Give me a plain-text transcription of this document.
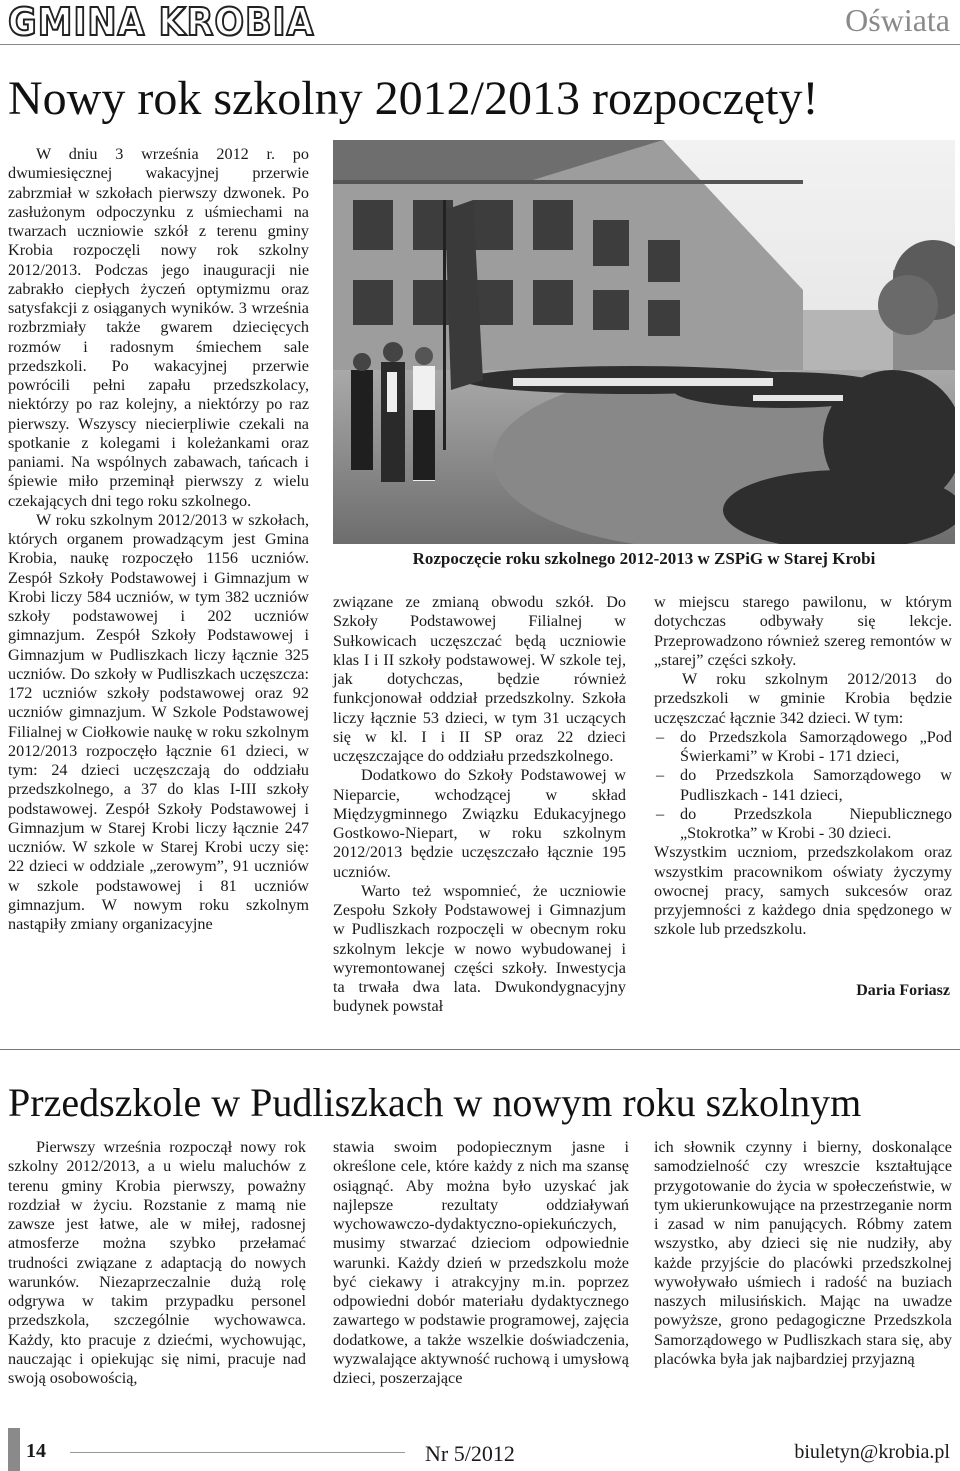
GMINA KROBIA	Oświata
Nowy rok szkolny 2012/2013 rozpoczęty!

W dniu 3 września 2012 r. po dwumiesięcznej wakacyjnej przerwie zabrzmiał w szkołach pierwszy dzwonek. Po zasłużonym odpoczynku z uśmiechami na twarzach uczniowie szkół z terenu gminy Krobia rozpoczęli nowy rok szkolny 2012/2013. Podczas jego inauguracji nie zabrakło ciepłych życzeń optymizmu oraz satysfakcji z osiąganych wyników. 3 września rozbrzmiały także gwarem dziecięcych rozmów i radosnym śmiechem sale przedszkoli. Po wakacyjnej przerwie powrócili pełni zapału przedszkolacy, niektórzy po raz kolejny, a niektórzy po raz pierwszy. Wszyscy niecierpliwie czekali na spotkanie z kolegami i koleżankami oraz paniami. Na wspólnych zabawach, tańcach i śpiewie miło przeminął pierwszy z wielu czekających dni tego roku szkolnego.

W roku szkolnym 2012/2013 w szkołach, których organem prowadzącym jest Gmina Krobia, naukę rozpoczęło 1156 uczniów. Zespół Szkoły Podstawowej i Gimnazjum w Krobi liczy 584 uczniów, w tym 382 uczniów szkoły podstawowej i 202 uczniów gimnazjum. Zespół Szkoły Podstawowej i Gimnazjum w Pudliszkach liczy łącznie 325 uczniów. Do szkoły w Pudliszkach uczęszcza: 172 uczniów szkoły podstawowej oraz 92 uczniów gimnazjum. W Szkole Podstawowej Filialnej w Ciołkowie naukę w roku szkolnym 2012/2013 rozpoczęło łącznie 61 dzieci, w tym: 24 dzieci uczęszczają do oddziału przedszkolnego, a 37 do klas I-III szkoły podstawowej. Zespół Szkoły Podstawowej i Gimnazjum w Starej Krobi liczy łącznie 247 uczniów. W szkole w Starej Krobi uczy się: 22 dzieci w oddziale „zerowym”, 91 uczniów w szkole podstawowej i 81 uczniów gimnazjum. W nowym roku szkolnym nastąpiły zmiany organizacyjne

Rozpoczęcie roku szkolnego 2012-2013 w ZSPiG w Starej Krobi

związane ze zmianą obwodu szkół. Do Szkoły Podstawowej Filialnej w Sułkowicach uczęszczać będą uczniowie klas I i II szkoły podstawowej. W szkole tej, jak dotychczas, będzie również funkcjonował oddział przedszkolny. Szkoła liczy łącznie 53 dzieci, w tym 31 uczących się w kl. I i II SP oraz 22 dzieci uczęszczające do oddziału przedszkolnego.

Dodatkowo do Szkoły Podstawowej w Nieparcie, wchodzącej w skład Międzygminnego Związku Edukacyjnego Gostkowo-Niepart, w roku szkolnym 2012/2013 będzie uczęszczało łącznie 195 uczniów.

Warto też wspomnieć, że uczniowie Zespołu Szkoły Podstawowej i Gimnazjum w Pudliszkach rozpoczęli w obecnym roku szkolnym lekcje w nowo wybudowanej i wyremontowanej części szkoły. Inwestycja ta trwała dwa lata. Dwukondygnacyjny budynek powstał

w miejscu starego pawilonu, w którym dotychczas odbywały się lekcje. Przeprowadzono również szereg remontów w „starej” części szkoły.

W roku szkolnym 2012/2013 do przedszkoli w gminie Krobia będzie uczęszczać łącznie 342 dzieci. W tym:

– do Przedszkola Samorządowego „Pod Świerkami” w Krobi - 171 dzieci,
– do Przedszkola Samorządowego w Pudliszkach - 141 dzieci,
– do Przedszkola Niepublicznego „Stokrotka” w Krobi - 30 dzieci.

Wszystkim uczniom, przedszkolakom oraz wszystkim pracownikom oświaty życzymy owocnej pracy, samych sukcesów oraz przyjemności z każdego dnia spędzonego w szkole lub przedszkolu.

Daria Foriasz
Przedszkole w Pudliszkach w nowym roku szkolnym

Pierwszy września rozpoczął nowy rok szkolny 2012/2013, a u wielu maluchów z terenu gminy Krobia pierwszy, poważny rozdział w życiu. Rozstanie z mamą nie zawsze jest łatwe, ale w miłej, radosnej atmosferze można szybko przełamać trudności związane z adaptacją do nowych warunków. Niezaprzeczalnie dużą rolę odgrywa w takim przypadku personel przedszkola, szczególnie wychowawca. Każdy, kto pracuje z dziećmi, wychowując, nauczając i opiekując się nimi, pracuje nad swoją osobowością,

stawia swoim podopiecznym jasne i określone cele, które każdy z nich ma szansę osiągnąć. Aby można było uzyskać jak najlepsze rezultaty oddziaływań wychowawczo-dydaktyczno-opiekuńczych, musimy stwarzać dzieciom odpowiednie warunki. Każdy dzień w przedszkolu może być ciekawy i atrakcyjny m.in. poprzez odpowiedni dobór materiału dydaktycznego zawartego w podstawie programowej, zajęcia dodatkowe, a także wszelkie doświadczenia, wyzwalające aktywność ruchową i umysłową dzieci, poszerzające

ich słownik czynny i bierny, doskonalące samodzielność czy wreszcie kształtujące przygotowanie do życia w społeczeństwie, w tym ukierunkowujące na przestrzeganie norm i zasad w nim panujących. Róbmy zatem wszystko, aby dzieci się nie nudziły, aby każde przyjście do placówki przedszkolnej wywoływało uśmiech i radość na buziach naszych milusińskich. Mając na uwadze powyższe, grono pedagogiczne Przedszkola Samorządowego w Pudliszkach stara się, aby placówka była jak najbardziej przyjazną

14	Nr 5/2012	biuletyn@krobia.pl
